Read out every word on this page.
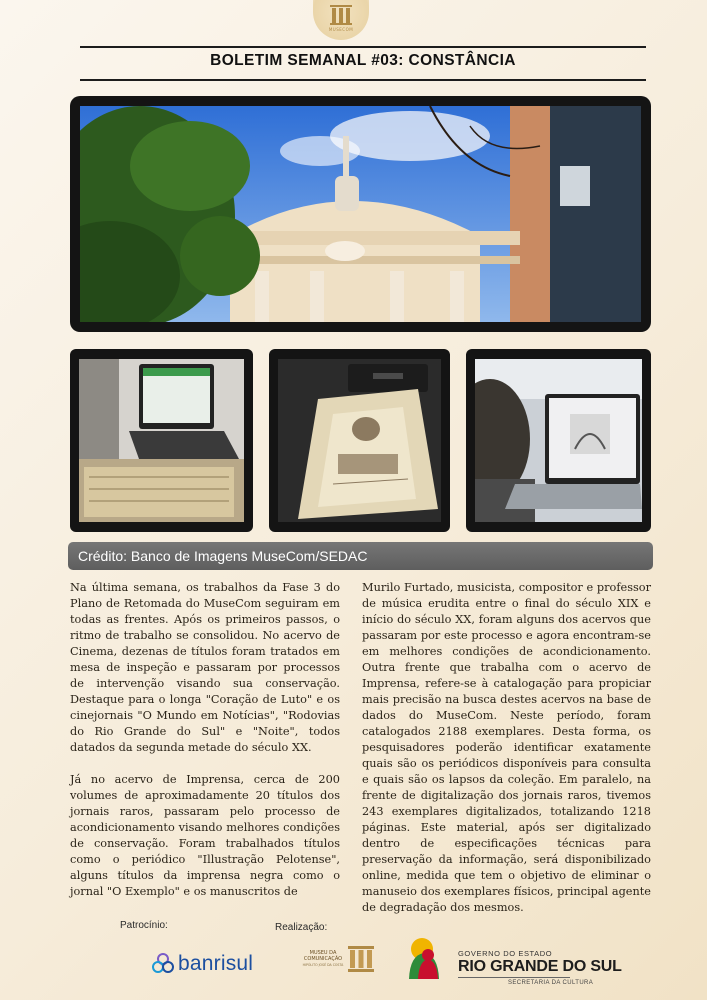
MUSECOM
BOLETIM SEMANAL #03: CONSTÂNCIA
Crédito: Banco de Imagens MuseCom/SEDAC

Na última semana, os trabalhos da Fase 3 do Plano de Retomada do MuseCom seguiram em todas as frentes. Após os primeiros passos, o ritmo de trabalho se consolidou. No acervo de Cinema, dezenas de títulos foram tratados em mesa de inspeção e passaram por processos de intervenção visando sua conservação. Destaque para o longa "Coração de Luto" e os cinejornais "O Mundo em Notícias", "Rodovias do Rio Grande do Sul" e "Noite", todos datados da segunda metade do século XX.

Já no acervo de Imprensa, cerca de 200 volumes de aproximadamente 20 títulos dos jornais raros, passaram pelo processo de acondicionamento visando melhores condições de conservação. Foram trabalhados títulos como o periódico "Illustração Pelotense", alguns títulos da imprensa negra como o jornal "O Exemplo" e os manuscritos de

Murilo Furtado, musicista, compositor e professor de música erudita entre o final do século XIX e início do século XX, foram alguns dos acervos que passaram por este processo e agora encontram-se em melhores condições de acondicionamento. Outra frente que trabalha com o acervo de Imprensa, refere-se à catalogação para propiciar mais precisão na busca destes acervos na base de dados do MuseCom. Neste período, foram catalogados 2188 exemplares. Desta forma, os pesquisadores poderão identificar exatamente quais são os periódicos disponíveis para consulta e quais são os lapsos da coleção. Em paralelo, na frente de digitalização dos jornais raros, tivemos 243 exemplares digitalizados, totalizando 1218 páginas. Este material, após ser digitalizado dentro de especificações técnicas para preservação da informação, será disponibilizado online, medida que tem o objetivo de eliminar o manuseio dos exemplares físicos, principal agente de degradação dos mesmos.

Patrocínio:	Realização:
banrisul	MUSEU DA
COMUNICAÇÃO
HIPÓLITO JOSÉ DA COSTA
GOVERNO DO ESTADO
RIO GRANDE DO SUL
SECRETARIA DA CULTURA
